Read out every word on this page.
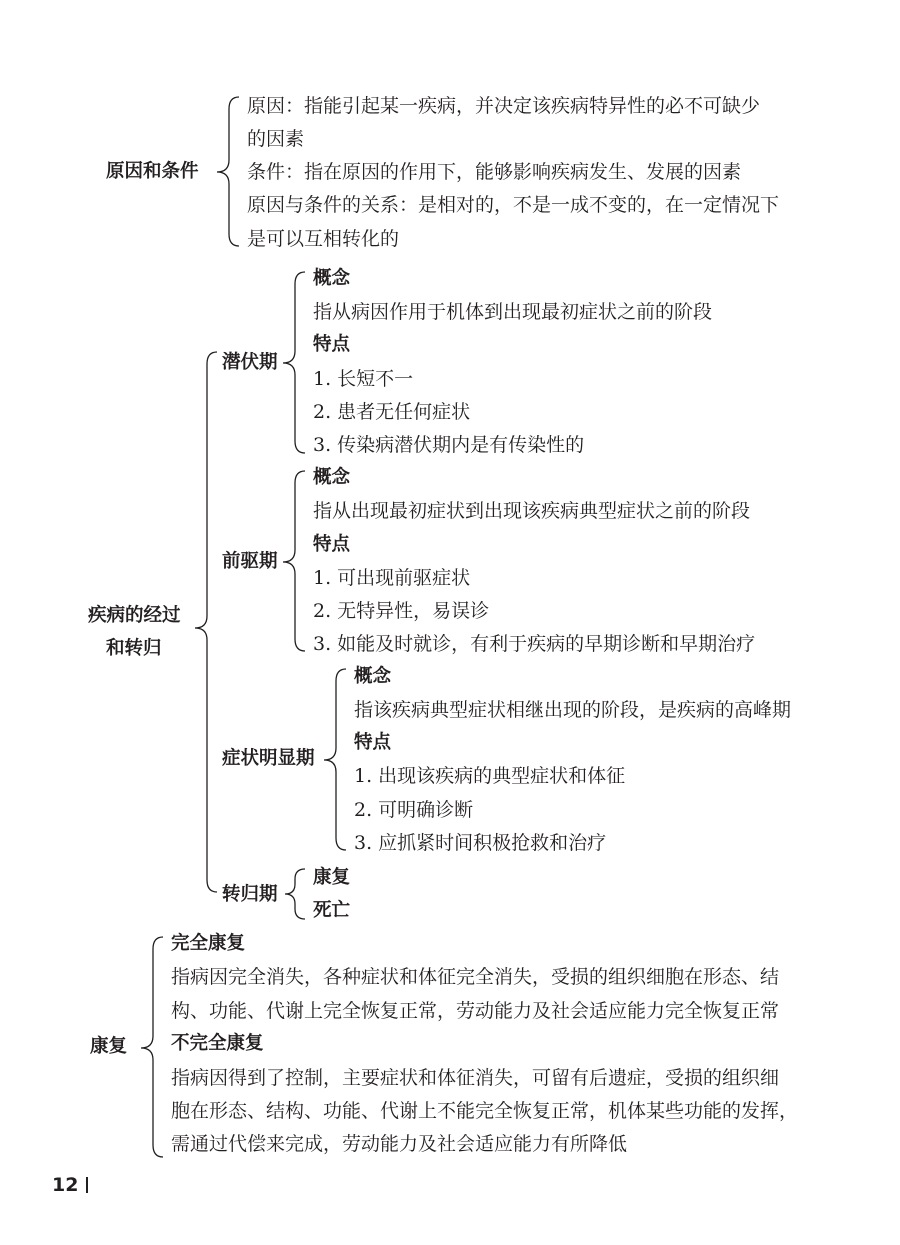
原因和条件
原因：指能引起某一疾病，并决定该疾病特异性的必不可缺少
的因素
条件：指在原因的作用下，能够影响疾病发生、发展的因素
原因与条件的关系：是相对的，不是一成不变的，在一定情况下
是可以互相转化的
疾病的经过
和转归
潜伏期
概念
指从病因作用于机体到出现最初症状之前的阶段
特点
1. 长短不一
2. 患者无任何症状
3. 传染病潜伏期内是有传染性的
前驱期
概念
指从出现最初症状到出现该疾病典型症状之前的阶段
特点
1. 可出现前驱症状
2. 无特异性，易误诊
3. 如能及时就诊，有利于疾病的早期诊断和早期治疗
症状明显期
概念
指该疾病典型症状相继出现的阶段，是疾病的高峰期
特点
1. 出现该疾病的典型症状和体征
2. 可明确诊断
3. 应抓紧时间积极抢救和治疗
转归期
康复
死亡
康复
完全康复
指病因完全消失，各种症状和体征完全消失，受损的组织细胞在形态、结
构、功能、代谢上完全恢复正常，劳动能力及社会适应能力完全恢复正常
不完全康复
指病因得到了控制，主要症状和体征消失，可留有后遗症，受损的组织细
胞在形态、结构、功能、代谢上不能完全恢复正常，机体某些功能的发挥，
需通过代偿来完成，劳动能力及社会适应能力有所降低
12
